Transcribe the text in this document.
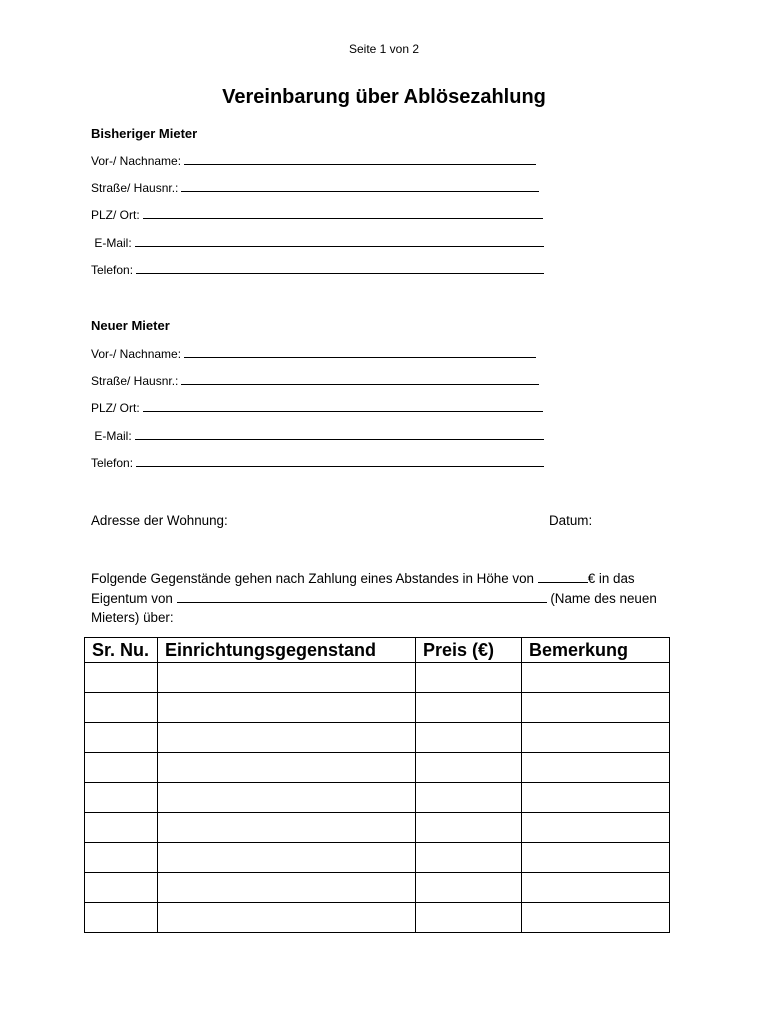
Seite 1 von 2
Vereinbarung über Ablösezahlung
Bisheriger Mieter
Vor-/ Nachname:
Straße/ Hausnr.:
PLZ/ Ort:
E-Mail:
Telefon:
Neuer Mieter
Vor-/ Nachname:
Straße/ Hausnr.:
PLZ/ Ort:
E-Mail:
Telefon:
Adresse der Wohnung:	Datum:
Folgende Gegenstände gehen nach Zahlung eines Abstandes in Höhe von	€ in das
Eigentum von	(Name des neuen
Mieters) über:
Sr. Nu.	Einrichtungsgegenstand	Preis (€)	Bemerkung
